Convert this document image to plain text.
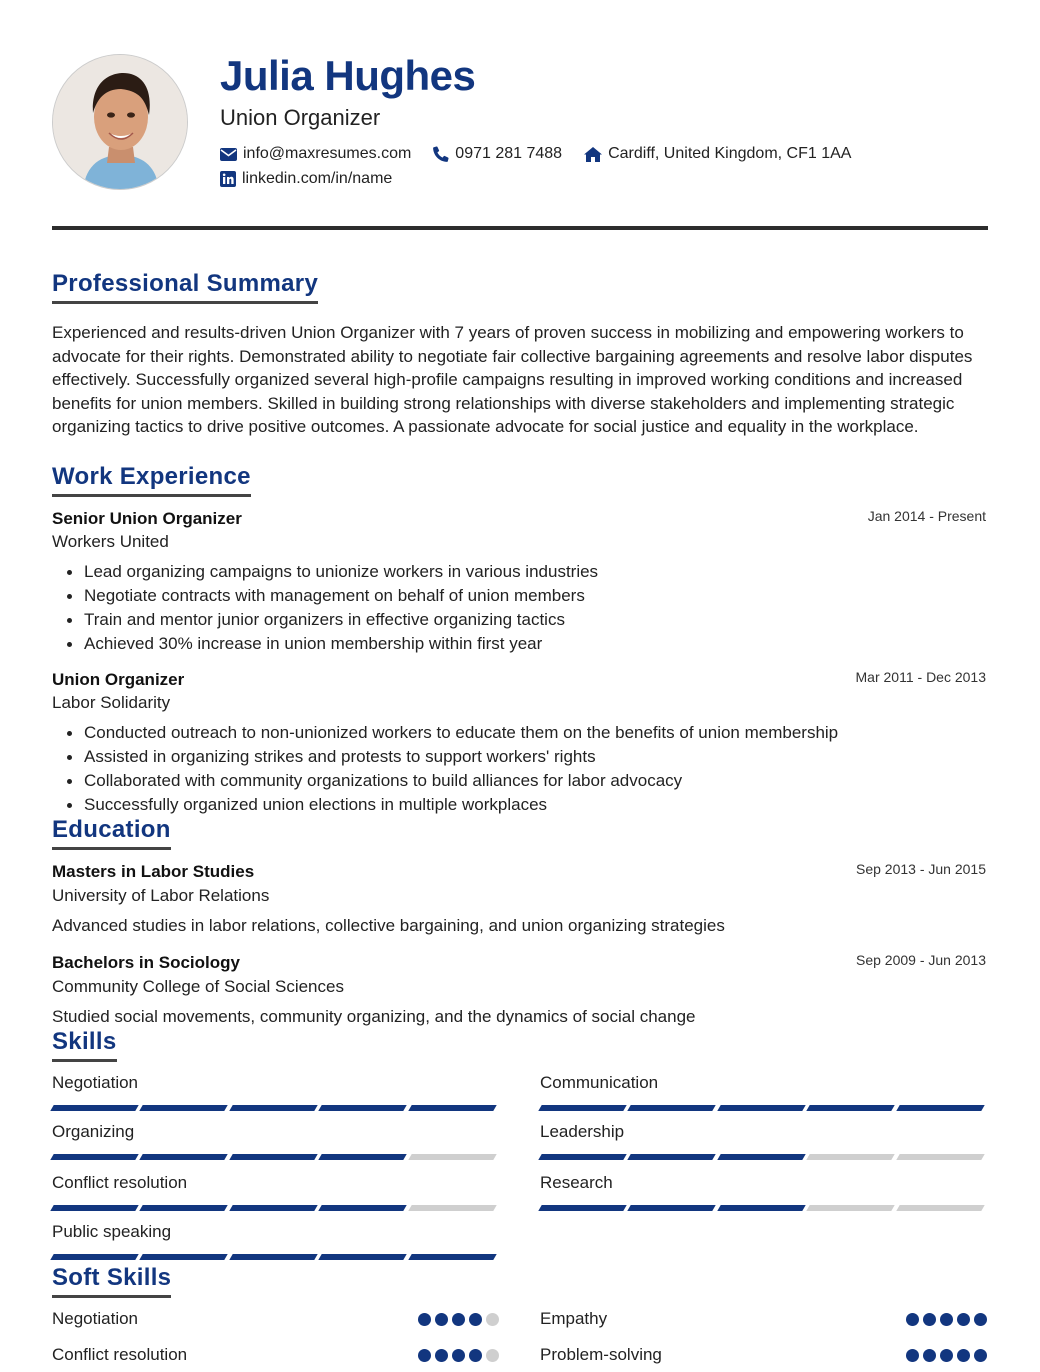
Julia Hughes
Union Organizer
info@maxresumes.com	0971 281 7488	Cardiff, United Kingdom, CF1 1AA
linkedin.com/in/name
Professional Summary
Experienced and results-driven Union Organizer with 7 years of proven success in mobilizing and empowering workers to advocate for their rights. Demonstrated ability to negotiate fair collective bargaining agreements and resolve labor disputes effectively. Successfully organized several high-profile campaigns resulting in improved working conditions and increased benefits for union members. Skilled in building strong relationships with diverse stakeholders and implementing strategic organizing tactics to drive positive outcomes. A passionate advocate for social justice and equality in the workplace.
Work Experience
Senior Union Organizer	Jan 2014 - Present
Workers United
Lead organizing campaigns to unionize workers in various industries
Negotiate contracts with management on behalf of union members
Train and mentor junior organizers in effective organizing tactics
Achieved 30% increase in union membership within first year
Union Organizer	Mar 2011 - Dec 2013
Labor Solidarity
Conducted outreach to non-unionized workers to educate them on the benefits of union membership
Assisted in organizing strikes and protests to support workers' rights
Collaborated with community organizations to build alliances for labor advocacy
Successfully organized union elections in multiple workplaces
Education
Masters in Labor Studies	Sep 2013 - Jun 2015
University of Labor Relations
Advanced studies in labor relations, collective bargaining, and union organizing strategies
Bachelors in Sociology	Sep 2009 - Jun 2013
Community College of Social Sciences
Studied social movements, community organizing, and the dynamics of social change
Skills
Negotiation	Communication
Organizing	Leadership
Conflict resolution	Research
Public speaking
Soft Skills
Negotiation	Empathy
Conflict resolution	Problem-solving
